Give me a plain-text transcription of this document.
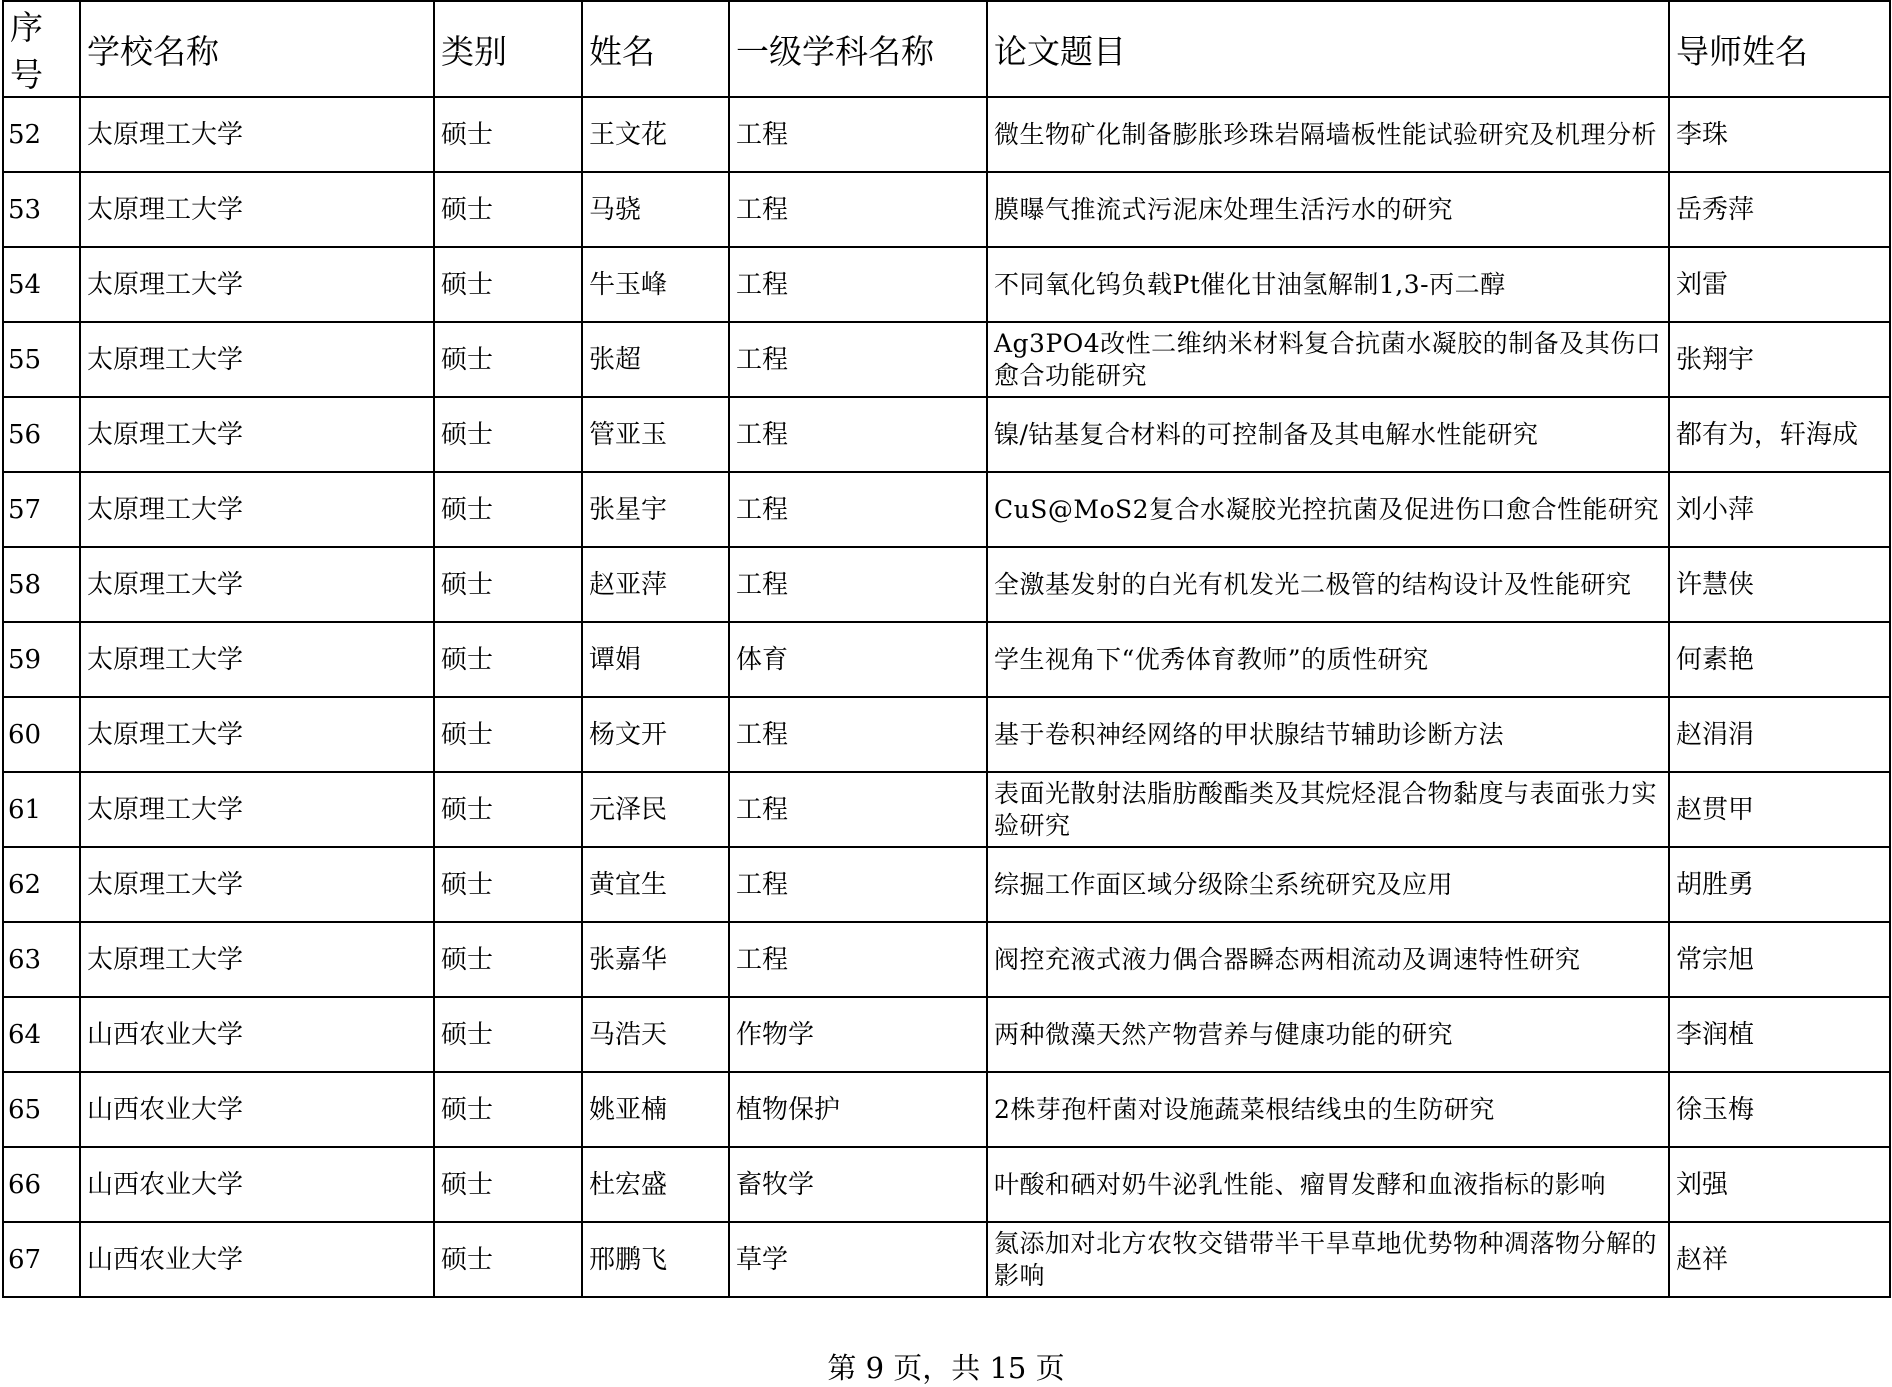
序号	学校名称	类别	姓名	一级学科名称	论文题目	导师姓名
52	太原理工大学	硕士	王文花	工程	微生物矿化制备膨胀珍珠岩隔墙板性能试验研究及机理分析	李珠
53	太原理工大学	硕士	马骁	工程	膜曝气推流式污泥床处理生活污水的研究	岳秀萍
54	太原理工大学	硕士	牛玉峰	工程	不同氧化钨负载Pt催化甘油氢解制1,3-丙二醇	刘雷
55	太原理工大学	硕士	张超	工程	Ag3PO4改性二维纳米材料复合抗菌水凝胶的制备及其伤口愈合功能研究	张翔宇
56	太原理工大学	硕士	管亚玉	工程	镍/钴基复合材料的可控制备及其电解水性能研究	都有为，轩海成
57	太原理工大学	硕士	张星宇	工程	CuS@MoS2复合水凝胶光控抗菌及促进伤口愈合性能研究	刘小萍
58	太原理工大学	硕士	赵亚萍	工程	全激基发射的白光有机发光二极管的结构设计及性能研究	许慧侠
59	太原理工大学	硕士	谭娟	体育	学生视角下“优秀体育教师”的质性研究	何素艳
60	太原理工大学	硕士	杨文开	工程	基于卷积神经网络的甲状腺结节辅助诊断方法	赵涓涓
61	太原理工大学	硕士	元泽民	工程	表面光散射法脂肪酸酯类及其烷烃混合物黏度与表面张力实验研究	赵贯甲
62	太原理工大学	硕士	黄宜生	工程	综掘工作面区域分级除尘系统研究及应用	胡胜勇
63	太原理工大学	硕士	张嘉华	工程	阀控充液式液力偶合器瞬态两相流动及调速特性研究	常宗旭
64	山西农业大学	硕士	马浩天	作物学	两种微藻天然产物营养与健康功能的研究	李润植
65	山西农业大学	硕士	姚亚楠	植物保护	2株芽孢杆菌对设施蔬菜根结线虫的生防研究	徐玉梅
66	山西农业大学	硕士	杜宏盛	畜牧学	叶酸和硒对奶牛泌乳性能、瘤胃发酵和血液指标的影响	刘强
67	山西农业大学	硕士	邢鹏飞	草学	氮添加对北方农牧交错带半干旱草地优势物种凋落物分解的影响	赵祥
第 9 页，共 15 页
